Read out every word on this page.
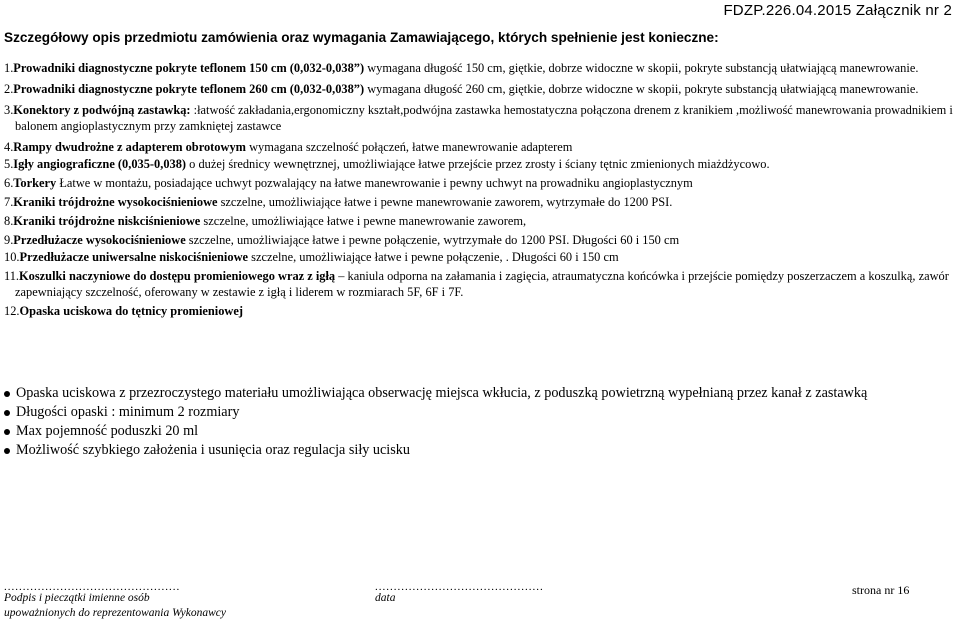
FDZP.226.04.2015 Załącznik nr 2
Szczegółowy opis przedmiotu zamówienia oraz wymagania Zamawiającego, których spełnienie jest konieczne:
1.Prowadniki diagnostyczne pokryte teflonem 150 cm (0,032-0,038”) wymagana długość 150 cm, giętkie, dobrze widoczne w skopii, pokryte substancją ułatwiającą manewrowanie.
2.Prowadniki diagnostyczne pokryte teflonem 260 cm (0,032-0,038”) wymagana długość 260 cm, giętkie, dobrze widoczne w skopii, pokryte substancją ułatwiającą manewrowanie.
3.Konektory z podwójną zastawką: :łatwość zakładania,ergonomiczny kształt,podwójna zastawka hemostatyczna połączona drenem z kranikiem ,możliwość manewrowania prowadnikiem i balonem angioplastycznym przy zamkniętej zastawce
4.Rampy dwudrożne z adapterem obrotowym wymagana szczelność połączeń, łatwe manewrowanie adapterem
5.Igły angiograficzne (0,035-0,038) o dużej średnicy wewnętrznej, umożliwiające łatwe przejście przez zrosty i ściany tętnic zmienionych miażdżycowo.
6.Torkery Łatwe w montażu, posiadające uchwyt pozwalający na łatwe manewrowanie i pewny uchwyt na prowadniku angioplastycznym
7.Kraniki trójdrożne wysokociśnieniowe szczelne, umożliwiające łatwe i pewne manewrowanie zaworem, wytrzymałe do 1200 PSI.
8.Kraniki trójdrożne niskciśnieniowe szczelne, umożliwiające łatwe i pewne manewrowanie zaworem,
9.Przedłużacze wysokociśnieniowe szczelne, umożliwiające łatwe i pewne połączenie, wytrzymałe do 1200 PSI. Długości 60 i 150 cm
10.Przedłużacze uniwersalne niskociśnieniowe szczelne, umożliwiające łatwe i pewne połączenie, . Długości 60 i 150 cm
11.Koszulki naczyniowe do dostępu promieniowego wraz z igłą – kaniula odporna na załamania i zagięcia, atraumatyczna końcówka i przejście pomiędzy poszerzaczem a koszulką, zawór zapewniający szczelność, oferowany w zestawie z igłą i liderem w rozmiarach 5F, 6F i 7F.
12.Opaska uciskowa do tętnicy promieniowej
Opaska uciskowa z przezroczystego materiału umożliwiająca obserwację miejsca wkłucia, z poduszką powietrzną wypełnianą przez kanał z zastawką
Długości opaski : minimum 2 rozmiary
Max pojemność poduszki 20 ml
Możliwość szybkiego założenia i usunięcia oraz regulacja siły ucisku
...............................................
Podpis i pieczątki imienne osób
upoważnionych do reprezentowania Wykonawcy
.............................................
data
strona nr 16
